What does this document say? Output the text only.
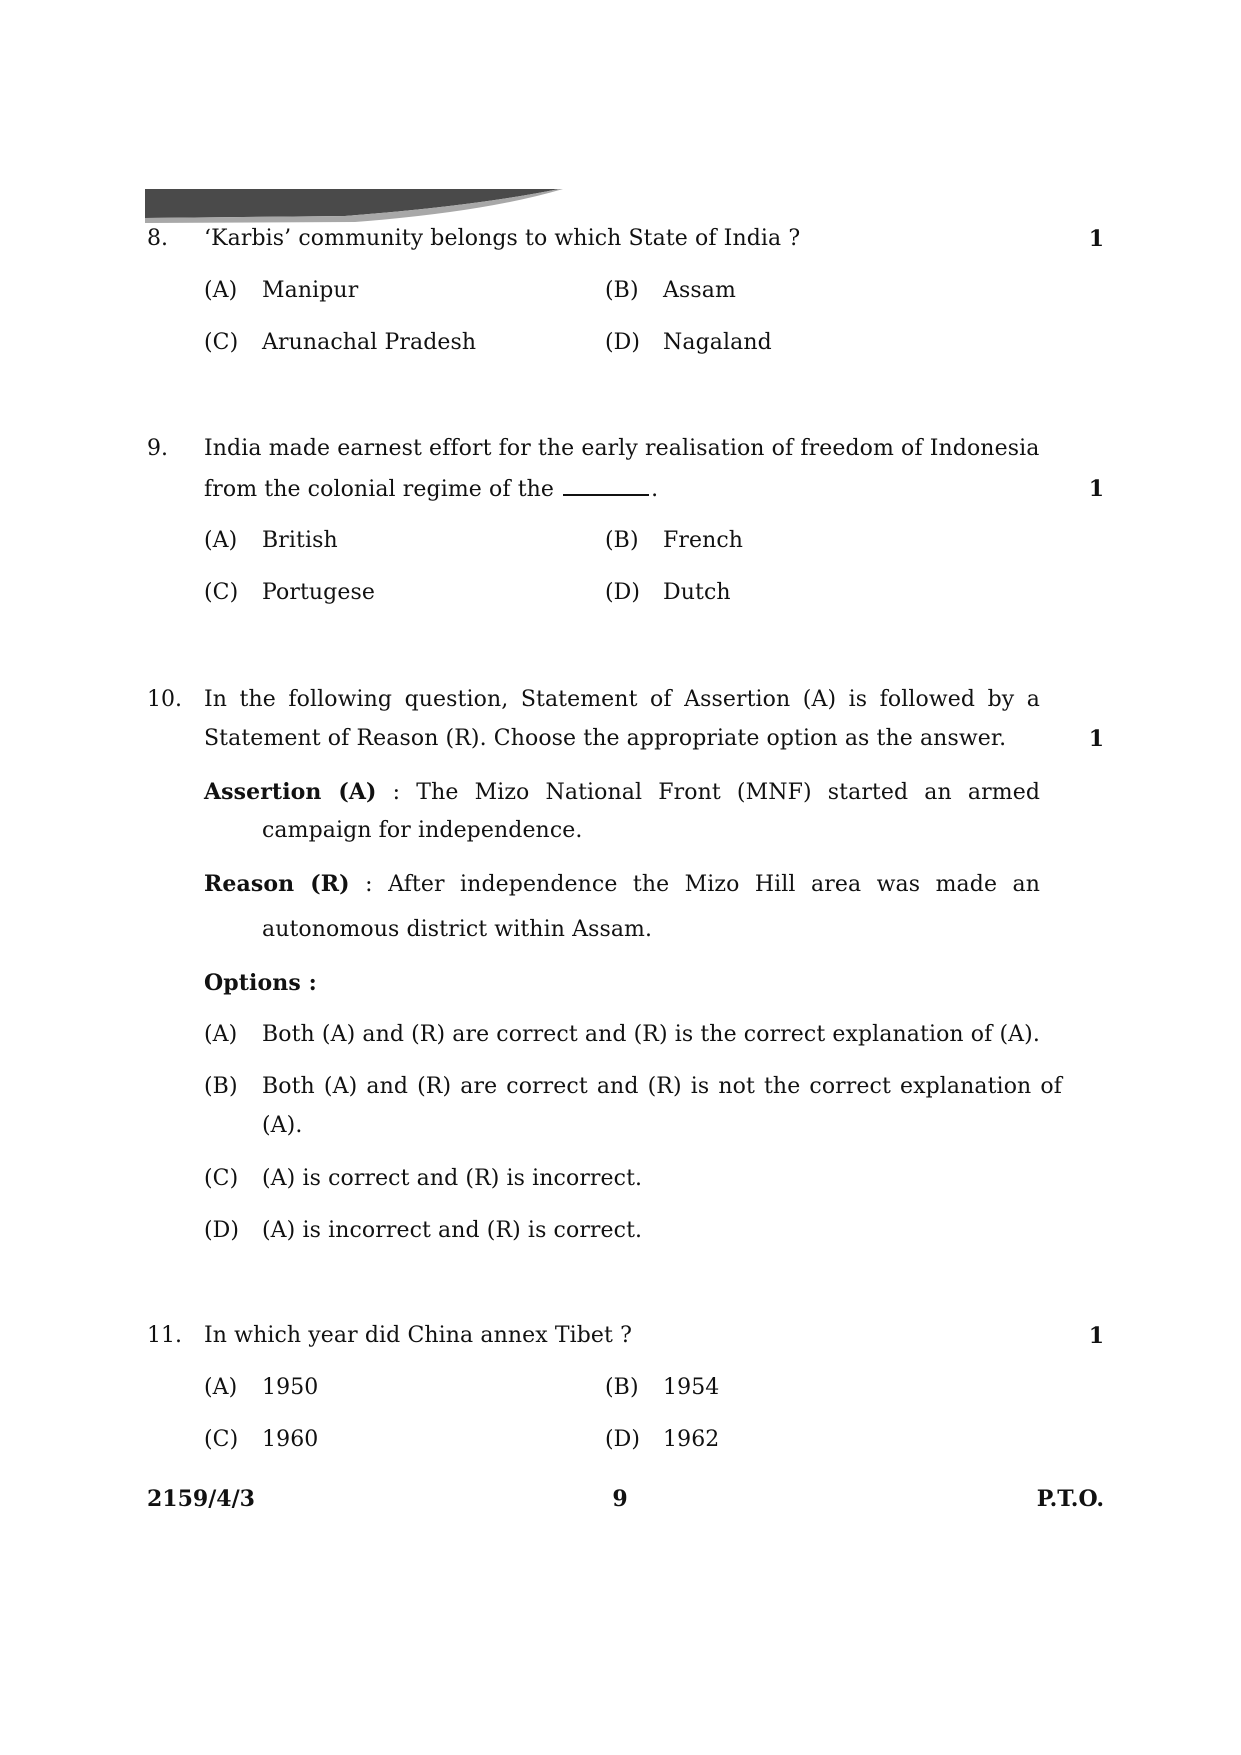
8.	‘Karbis’ community belongs to which State of India ?	1
(A) Manipur	(B) Assam
(C) Arunachal Pradesh	(D) Nagaland
9.	India made earnest effort for the early realisation of freedom of Indonesia
from the colonial regime of the	.	1
(A) British	(B) French
(C) Portugese	(D) Dutch
10. In the following question, Statement of Assertion (A) is followed by a
Statement of Reason (R). Choose the appropriate option as the answer.	1
Assertion (A) : The Mizo National Front (MNF) started an armed
campaign for independence.
Reason (R) : After independence the Mizo Hill area was made an
autonomous district within Assam.
Options :
(A) Both (A) and (R) are correct and (R) is the correct explanation of (A).
(B)	Both (A) and (R) are correct and (R) is not the correct explanation of
(A).
(C) (A) is correct and (R) is incorrect.
(D) (A) is incorrect and (R) is correct.
11. In which year did China annex Tibet ?	1
(A) 1950	(B) 1954
(C) 1960	(D) 1962
2159/4/3	9	P.T.O.
